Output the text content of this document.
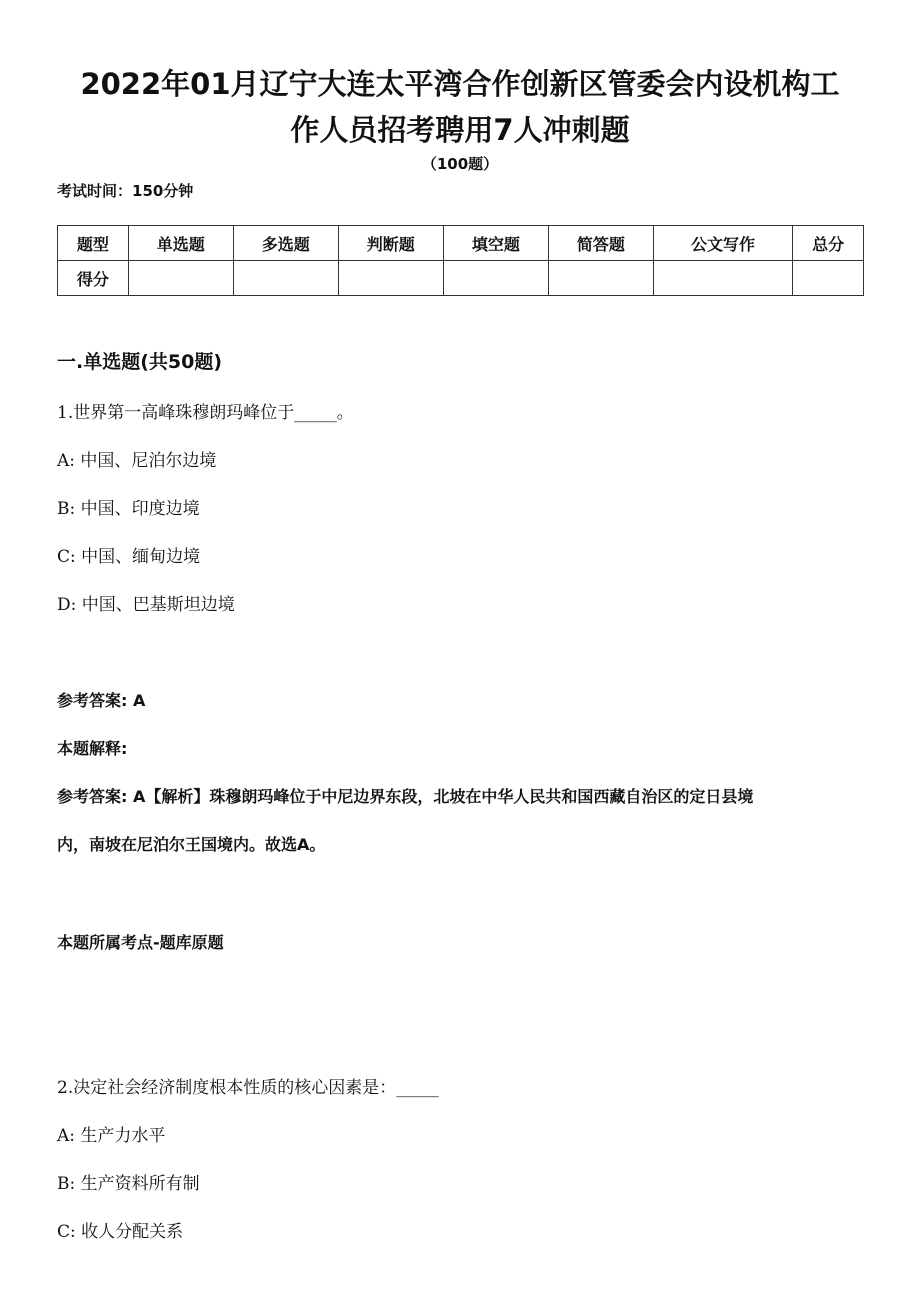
2022年01月辽宁大连太平湾合作创新区管委会内设机构工
作人员招考聘用7人冲刺题
（100题）
考试时间：150分钟
题型	单选题	多选题	判断题	填空题	简答题	公文写作	总分
得分							
一.单选题(共50题)
1.世界第一高峰珠穆朗玛峰位于_____。
A: 中国、尼泊尔边境
B: 中国、印度边境
C: 中国、缅甸边境
D: 中国、巴基斯坦边境
参考答案: A
本题解释:
参考答案: A【解析】珠穆朗玛峰位于中尼边界东段，北坡在中华人民共和国西藏自治区的定日县境
内，南坡在尼泊尔王国境内。故选A。
本题所属考点-题库原题
2.决定社会经济制度根本性质的核心因素是：_____
A: 生产力水平
B: 生产资料所有制
C: 收人分配关系
